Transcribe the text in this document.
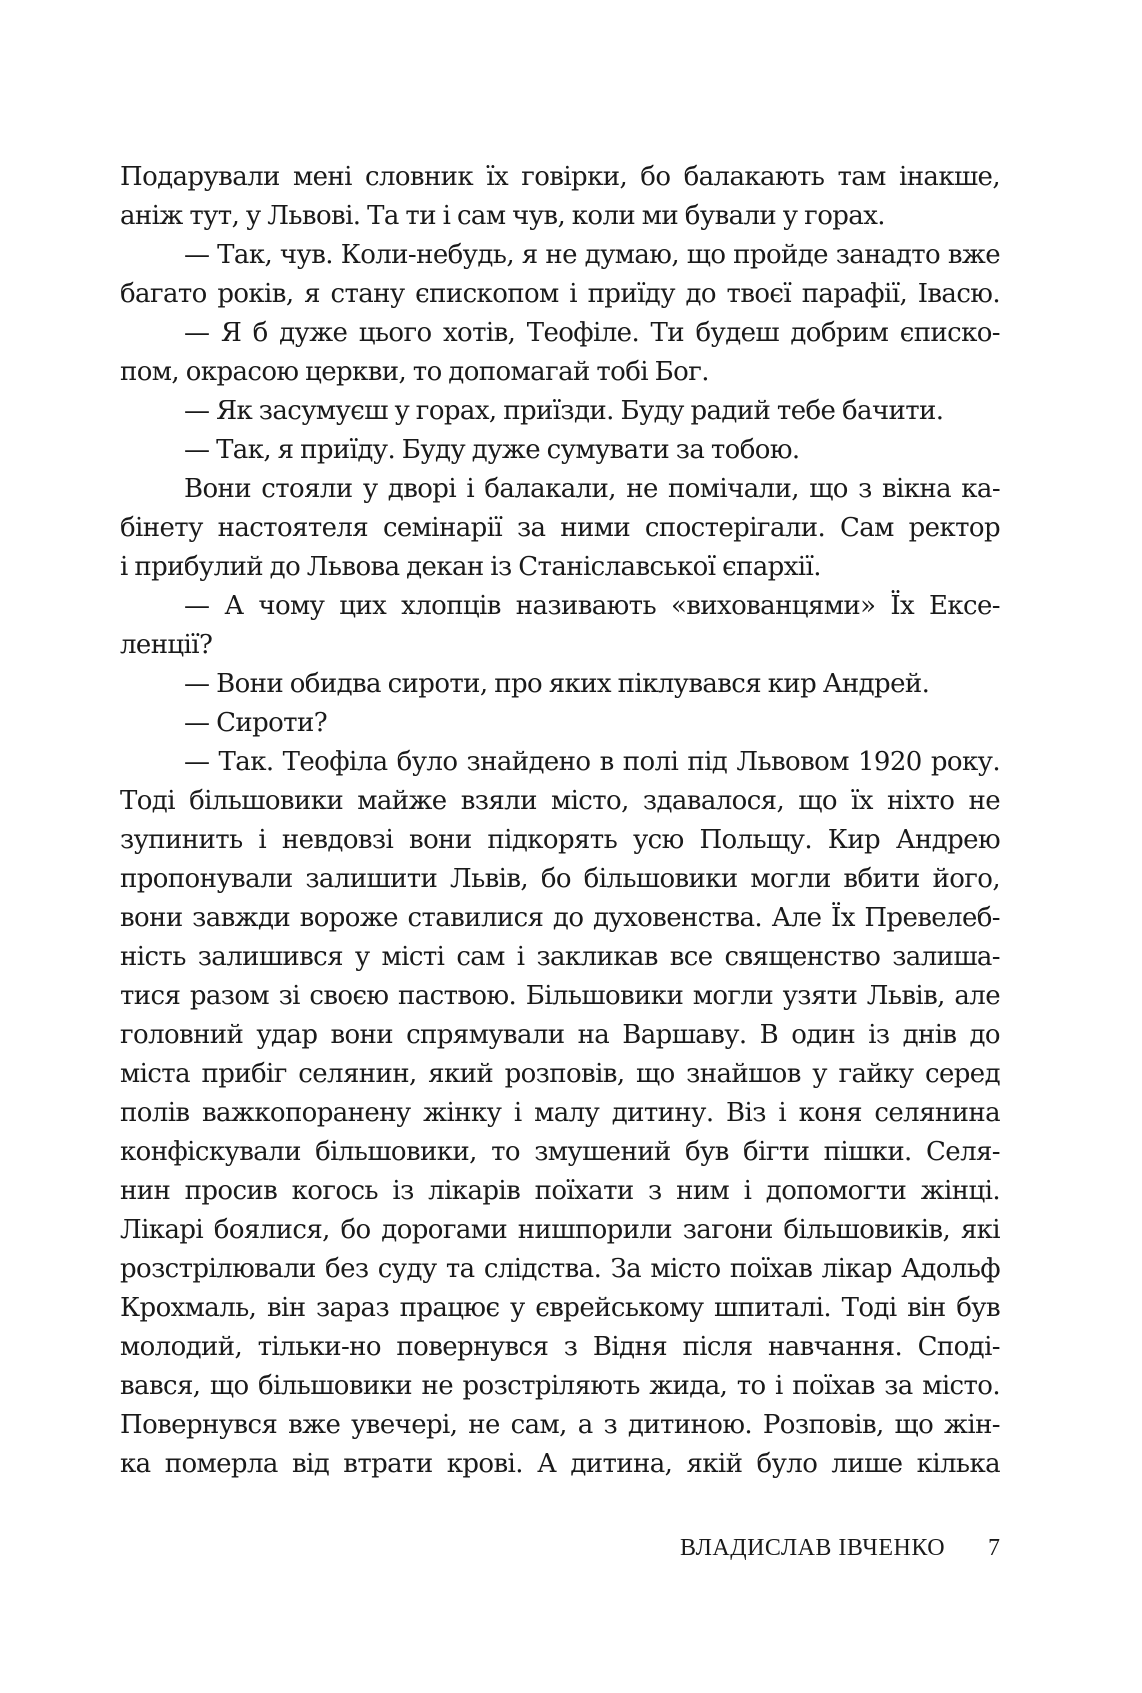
Подарували мені словник їх говірки, бо балакають там інакше,
аніж тут, у Львові. Та ти і сам чув, коли ми бували у горах.
— Так, чув. Коли-небудь, я не думаю, що пройде занадто вже
багато років, я стану єпископом і приїду до твоєї парафії, Івасю.
— Я б дуже цього хотів, Теофіле. Ти будеш добрим єписко-
пом, окрасою церкви, то допомагай тобі Бог.
— Як засумуєш у горах, приїзди. Буду радий тебе бачити.
— Так, я приїду. Буду дуже сумувати за тобою.
Вони стояли у дворі і балакали, не помічали, що з вікна ка-
бінету настоятеля семінарії за ними спостерігали. Сам ректор
і прибулий до Львова декан із Станіславської єпархії.
— А чому цих хлопців називають «вихованцями» Їх Ексе-
ленції?
— Вони обидва сироти, про яких піклувався кир Андрей.
— Сироти?
— Так. Теофіла було знайдено в полі під Львовом 1920 року.
Тоді більшовики майже взяли місто, здавалося, що їх ніхто не
зупинить і невдовзі вони підкорять усю Польщу. Кир Андрею
пропонували залишити Львів, бо більшовики могли вбити його,
вони завжди вороже ставилися до духовенства. Але Їх Превелеб-
ність залишився у місті сам і закликав все священство залиша-
тися разом зі своєю паствою. Більшовики могли узяти Львів, але
головний удар вони спрямували на Варшаву. В один із днів до
міста прибіг селянин, який розповів, що знайшов у гайку серед
полів важкопоранену жінку і малу дитину. Віз і коня селянина
конфіскували більшовики, то змушений був бігти пішки. Селя-
нин просив когось із лікарів поїхати з ним і допомогти жінці.
Лікарі боялися, бо дорогами нишпорили загони більшовиків, які
розстрілювали без суду та слідства. За місто поїхав лікар Адольф
Крохмаль, він зараз працює у єврейському шпиталі. Тоді він був
молодий, тільки-но повернувся з Відня після навчання. Споді-
вався, що більшовики не розстріляють жида, то і поїхав за місто.
Повернувся вже увечері, не сам, а з дитиною. Розповів, що жін-
ка померла від втрати крові. А дитина, якій було лише кілька
ВЛАДИСЛАВ ІВЧЕНКО 7
